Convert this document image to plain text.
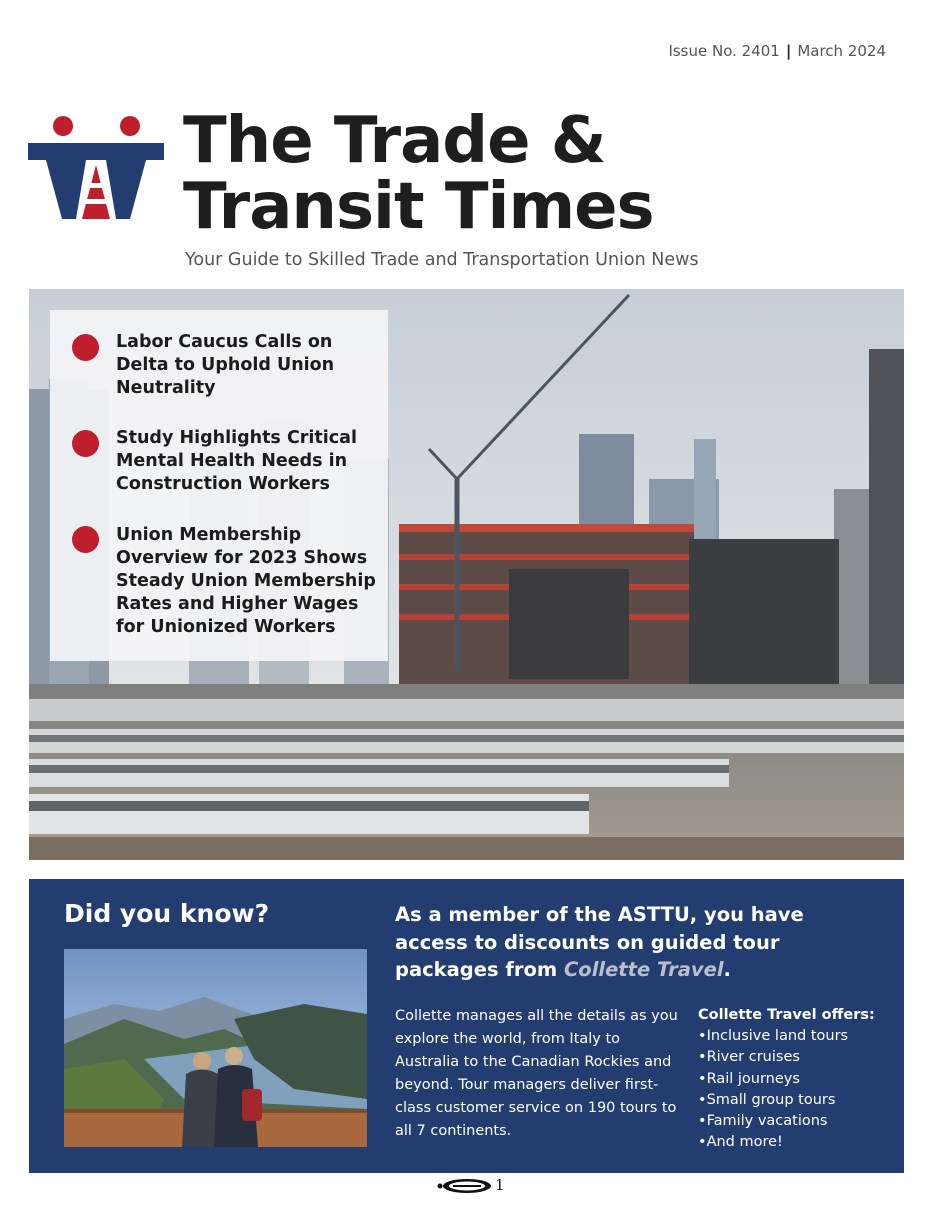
Issue No. 2401 | March 2024
The Trade &
Transit Times
Your Guide to Skilled Trade and Transportation Union News
Labor Caucus Calls on Delta to Uphold Union Neutrality
Study Highlights Critical Mental Health Needs in Construction Workers
Union Membership Overview for 2023 Shows Steady Union Membership Rates and Higher Wages for Unionized Workers
Did you know?	As a member of the ASTTU, you have access to discounts on guided tour packages from Collette Travel.
Collette manages all the details as you explore the world, from Italy to Australia to the Canadian Rockies and beyond. Tour managers deliver first-class customer service on 190 tours to all 7 continents.
Collette Travel offers:
• Inclusive land tours
• River cruises
• Rail journeys
• Small group tours
• Family vacations
• And more!
1
